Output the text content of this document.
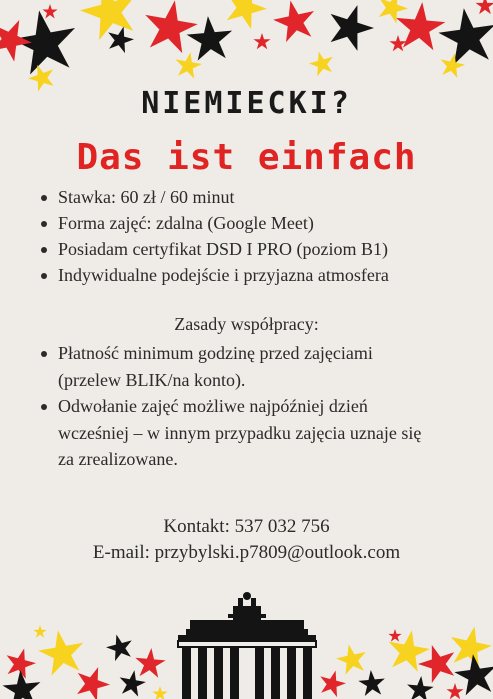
NIEMIECKI?
Das ist einfach
Stawka: 60 zł / 60 minut
Forma zajęć: zdalna (Google Meet)
Posiadam certyfikat DSD I PRO (poziom B1)
Indywidualne podejście i przyjazna atmosfera

Zasady współpracy:

Płatność minimum godzinę przed zajęciami
(przelew BLIK/na konto).
Odwołanie zajęć możliwe najpóźniej dzień
wcześniej – w innym przypadku zajęcia uznaje się
za zrealizowane.

Kontakt: 537 032 756

E-mail: przybylski.p7809@outlook.com
